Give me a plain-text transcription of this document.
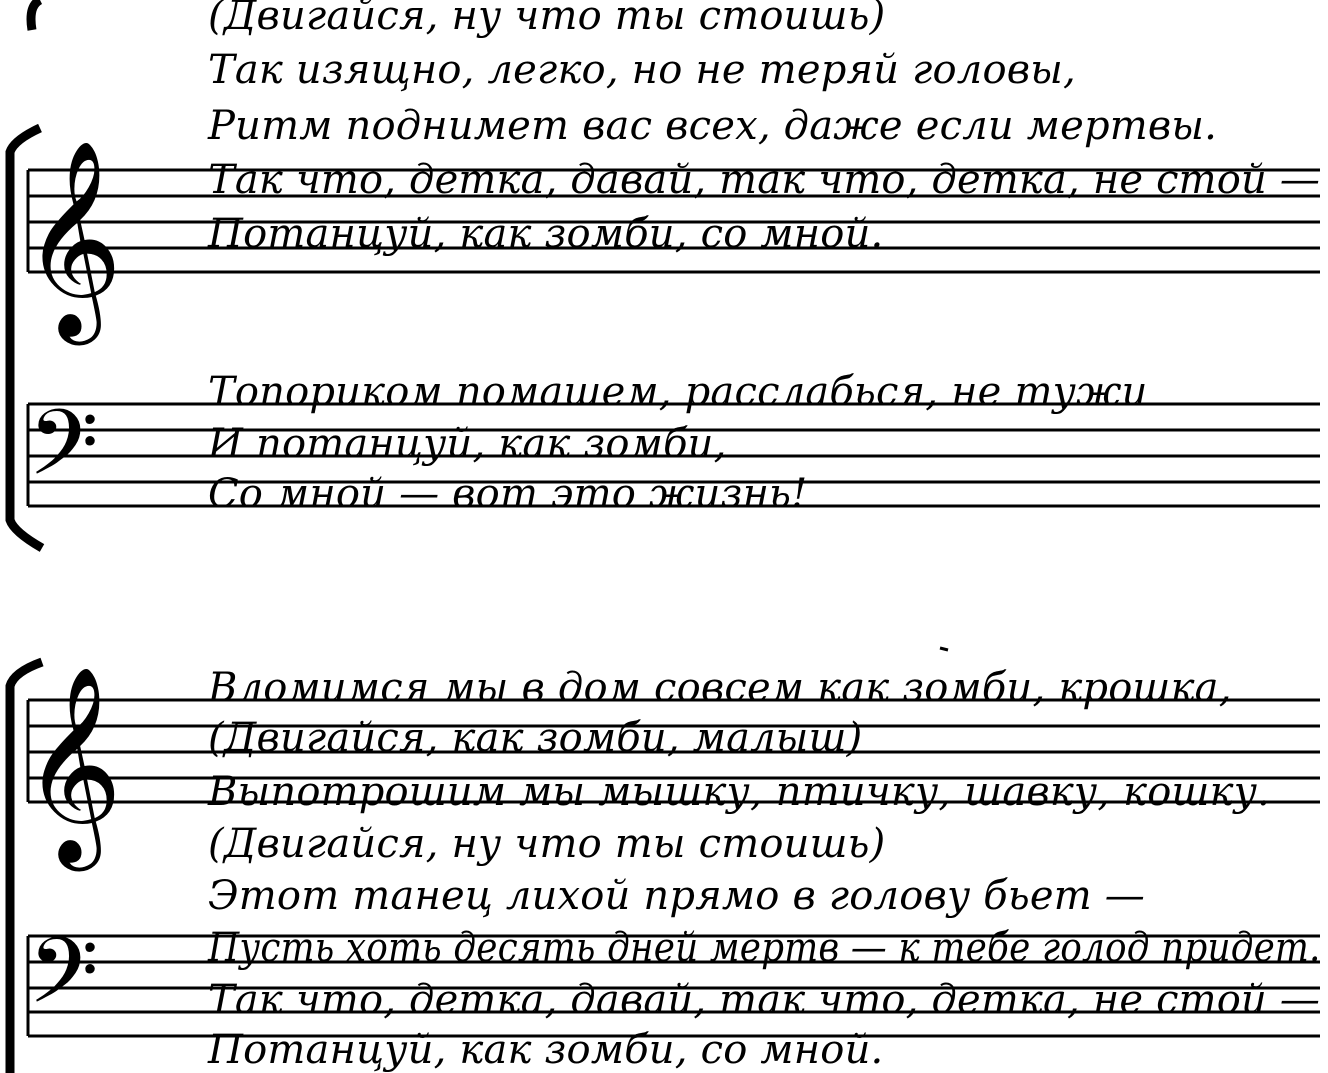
𝄞
𝄢
𝄞
𝄢
(Двигайся, ну что ты стоишь)
Так изящно, легко, но не теряй головы,
Ритм поднимет вас всех, даже если мертвы.
Так что, детка, давай, так что, детка, не стой —
Потанцуй, как зомби, со мной.
Топориком помашем, расслабься, не тужи
И потанцуй, как зомби,
Со мной — вот это жизнь!
Вломимся мы в дом совсем как зомби, крошка,
(Двигайся, как зомби, малыш)
Выпотрошим мы мышку, птичку, шавку, кошку.
(Двигайся, ну что ты стоишь)
Этот танец лихой прямо в голову бьет —
Пусть хоть десять дней мертв — к тебе голод придет.
Так что, детка, давай, так что, детка, не стой —
Потанцуй, как зомби, со мной.
